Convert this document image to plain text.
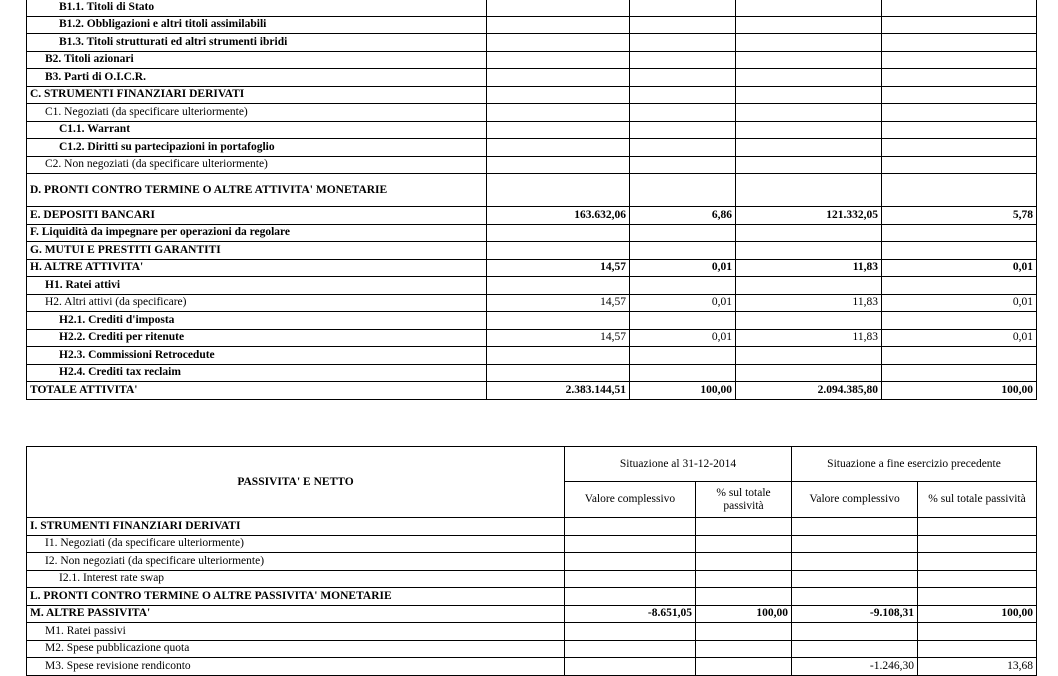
B1.1. Titoli di Stato				
B1.2. Obbligazioni e altri titoli assimilabili				
B1.3. Titoli strutturati ed altri strumenti ibridi				
B2. Titoli azionari				
B3. Parti di O.I.C.R.				
C. STRUMENTI FINANZIARI DERIVATI				
C1. Negoziati (da specificare ulteriormente)				
C1.1. Warrant				
C1.2. Diritti su partecipazioni in portafoglio				
C2. Non negoziati (da specificare ulteriormente)				
D. PRONTI CONTRO TERMINE O ALTRE ATTIVITA' MONETARIE				
E. DEPOSITI BANCARI	163.632,06	6,86	121.332,05	5,78
F. Liquidità da impegnare per operazioni da regolare				
G. MUTUI E PRESTITI GARANTITI				
H. ALTRE ATTIVITA'	14,57	0,01	11,83	0,01
H1. Ratei attivi				
H2. Altri attivi (da specificare)	14,57	0,01	11,83	0,01
H2.1. Crediti d'imposta				
H2.2. Crediti per ritenute	14,57	0,01	11,83	0,01
H2.3. Commissioni Retrocedute				
H2.4. Crediti tax reclaim				
TOTALE ATTIVITA'	2.383.144,51	100,00	2.094.385,80	100,00
PASSIVITA' E NETTO	Situazione al 31-12-2014		Situazione a fine esercizio precedente	
	Valore complessivo	% sul totale passività	Valore complessivo	% sul totale passività
I. STRUMENTI FINANZIARI DERIVATI				
I1. Negoziati (da specificare ulteriormente)				
I2. Non negoziati (da specificare ulteriormente)				
I2.1. Interest rate swap				
L. PRONTI CONTRO TERMINE O ALTRE PASSIVITA' MONETARIE				
M. ALTRE PASSIVITA'	-8.651,05	100,00	-9.108,31	100,00
M1. Ratei passivi				
M2. Spese pubblicazione quota				
M3. Spese revisione rendiconto			-1.246,30	13,68
